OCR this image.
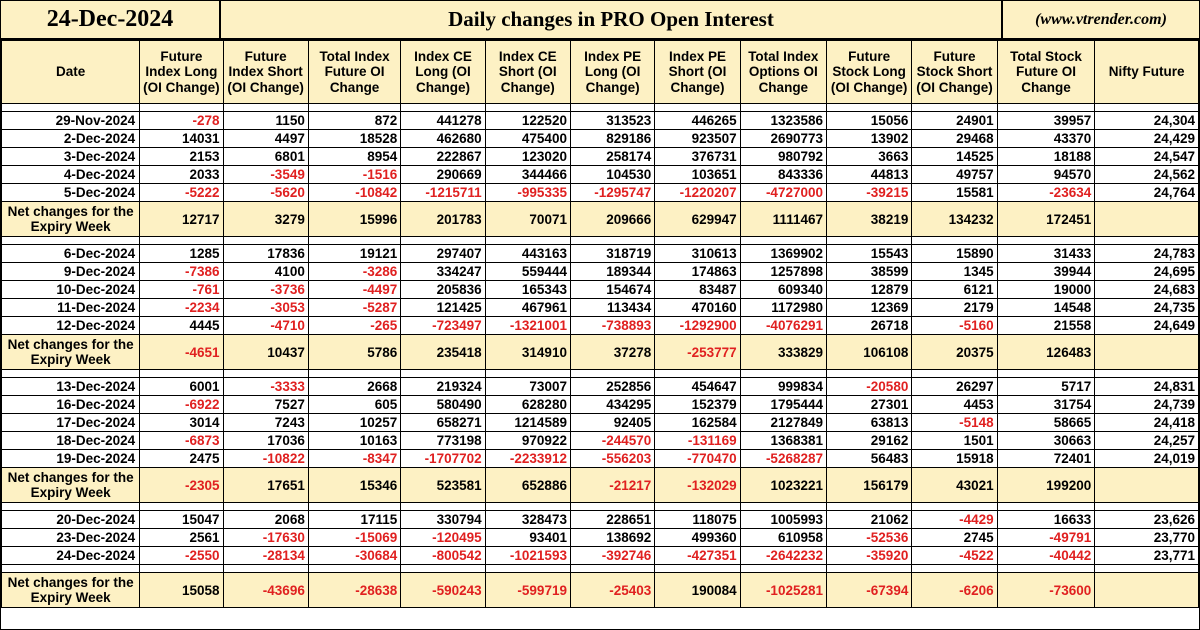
24-Dec-2024	Daily changes in PRO Open Interest	(www.vtrender.com)
Date	Future Index Long (OI Change)	Future Index Short (OI Change)	Total Index Future OI Change	Index CE Long (OI Change)	Index CE Short (OI Change)	Index PE Long (OI Change)	Index PE Short (OI Change)	Total Index Options OI Change	Future Stock Long (OI Change)	Future Stock Short (OI Change)	Total Stock Future OI Change	Nifty Future

29-Nov-2024	-278	1150	872	441278	122520	313523	446265	1323586	15056	24901	39957	24,304
2-Dec-2024	14031	4497	18528	462680	475400	829186	923507	2690773	13902	29468	43370	24,429
3-Dec-2024	2153	6801	8954	222867	123020	258174	376731	980792	3663	14525	18188	24,547
4-Dec-2024	2033	-3549	-1516	290669	344466	104530	103651	843336	44813	49757	94570	24,562
5-Dec-2024	-5222	-5620	-10842	-1215711	-995335	-1295747	-1220207	-4727000	-39215	15581	-23634	24,764
Net changes for the Expiry Week	12717	3279	15996	201783	70071	209666	629947	1111467	38219	134232	172451	

6-Dec-2024	1285	17836	19121	297407	443163	318719	310613	1369902	15543	15890	31433	24,783
9-Dec-2024	-7386	4100	-3286	334247	559444	189344	174863	1257898	38599	1345	39944	24,695
10-Dec-2024	-761	-3736	-4497	205836	165343	154674	83487	609340	12879	6121	19000	24,683
11-Dec-2024	-2234	-3053	-5287	121425	467961	113434	470160	1172980	12369	2179	14548	24,735
12-Dec-2024	4445	-4710	-265	-723497	-1321001	-738893	-1292900	-4076291	26718	-5160	21558	24,649
Net changes for the Expiry Week	-4651	10437	5786	235418	314910	37278	-253777	333829	106108	20375	126483	

13-Dec-2024	6001	-3333	2668	219324	73007	252856	454647	999834	-20580	26297	5717	24,831
16-Dec-2024	-6922	7527	605	580490	628280	434295	152379	1795444	27301	4453	31754	24,739
17-Dec-2024	3014	7243	10257	658271	1214589	92405	162584	2127849	63813	-5148	58665	24,418
18-Dec-2024	-6873	17036	10163	773198	970922	-244570	-131169	1368381	29162	1501	30663	24,257
19-Dec-2024	2475	-10822	-8347	-1707702	-2233912	-556203	-770470	-5268287	56483	15918	72401	24,019
Net changes for the Expiry Week	-2305	17651	15346	523581	652886	-21217	-132029	1023221	156179	43021	199200	

20-Dec-2024	15047	2068	17115	330794	328473	228651	118075	1005993	21062	-4429	16633	23,626
23-Dec-2024	2561	-17630	-15069	-120495	93401	138692	499360	610958	-52536	2745	-49791	23,770
24-Dec-2024	-2550	-28134	-30684	-800542	-1021593	-392746	-427351	-2642232	-35920	-4522	-40442	23,771

Net changes for the Expiry Week	15058	-43696	-28638	-590243	-599719	-25403	190084	-1025281	-67394	-6206	-73600	
